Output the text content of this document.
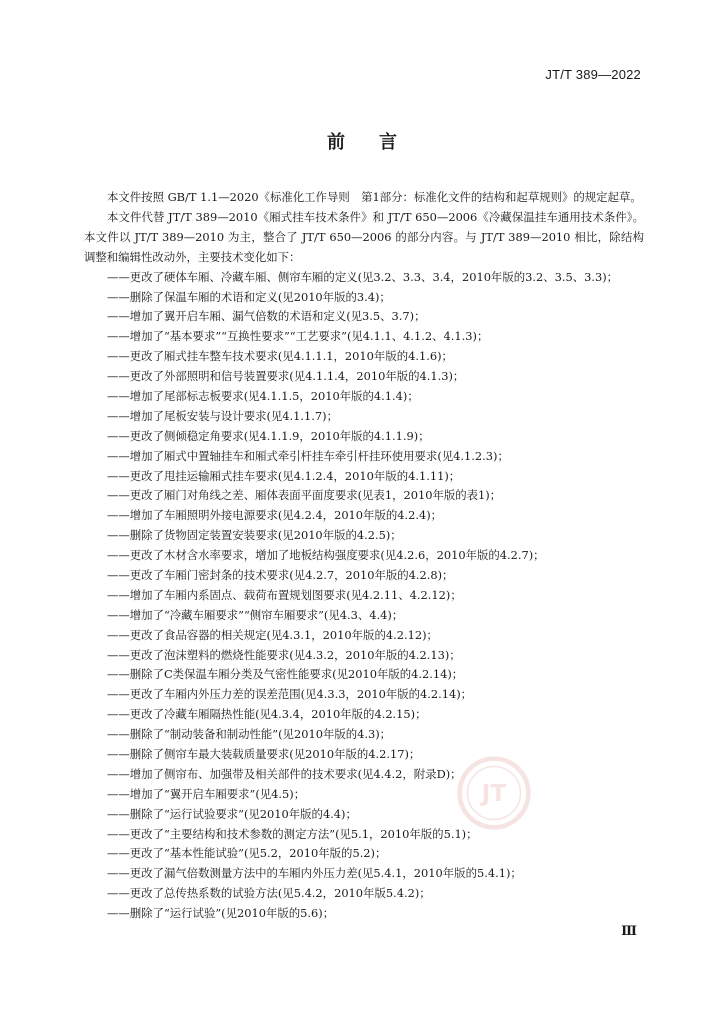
JT/T 389—2022
前言

本文件按照 GB/T 1.1—2020《标准化工作导则　第1部分：标准化文件的结构和起草规则》的规定起草。

本文件代替 JT/T 389—2010《厢式挂车技术条件》和 JT/T 650—2006《冷藏保温挂车通用技术条件》。本文件以 JT/T 389—2010 为主，整合了 JT/T 650—2006 的部分内容。与 JT/T 389—2010 相比，除结构调整和编辑性改动外，主要技术变化如下：

——更改了硬体车厢、冷藏车厢、侧帘车厢的定义(见3.2、3.3、3.4，2010年版的3.2、3.5、3.3)；
——删除了保温车厢的术语和定义(见2010年版的3.4)；
——增加了翼开启车厢、漏气倍数的术语和定义(见3.5、3.7)；
——增加了“基本要求”“互换性要求”“工艺要求”(见4.1.1、4.1.2、4.1.3)；
——更改了厢式挂车整车技术要求(见4.1.1.1，2010年版的4.1.6)；
——更改了外部照明和信号装置要求(见4.1.1.4，2010年版的4.1.3)；
——增加了尾部标志板要求(见4.1.1.5，2010年版的4.1.4)；
——增加了尾板安装与设计要求(见4.1.1.7)；
——更改了侧倾稳定角要求(见4.1.1.9，2010年版的4.1.1.9)；
——增加了厢式中置轴挂车和厢式牵引杆挂车牵引杆挂环使用要求(见4.1.2.3)；
——更改了甩挂运输厢式挂车要求(见4.1.2.4，2010年版的4.1.11)；
——更改了厢门对角线之差、厢体表面平面度要求(见表1，2010年版的表1)；
——增加了车厢照明外接电源要求(见4.2.4，2010年版的4.2.4)；
——删除了货物固定装置安装要求(见2010年版的4.2.5)；
——更改了木材含水率要求，增加了地板结构强度要求(见4.2.6，2010年版的4.2.7)；
——更改了车厢门密封条的技术要求(见4.2.7，2010年版的4.2.8)；
——增加了车厢内系固点、载荷布置规划图要求(见4.2.11、4.2.12)；
——增加了“冷藏车厢要求”“侧帘车厢要求”(见4.3、4.4)；
——更改了食品容器的相关规定(见4.3.1，2010年版的4.2.12)；
——更改了泡沫塑料的燃烧性能要求(见4.3.2，2010年版的4.2.13)；
——删除了C类保温车厢分类及气密性能要求(见2010年版的4.2.14)；
——更改了车厢内外压力差的误差范围(见4.3.3，2010年版的4.2.14)；
——更改了冷藏车厢隔热性能(见4.3.4，2010年版的4.2.15)；
——删除了“制动装备和制动性能”(见2010年版的4.3)；
——删除了侧帘车最大装载质量要求(见2010年版的4.2.17)；
——增加了侧帘布、加强带及相关部件的技术要求(见4.4.2，附录D)；
——增加了“翼开启车厢要求”(见4.5)；
——删除了“运行试验要求”(见2010年版的4.4)；
——更改了“主要结构和技术参数的测定方法”(见5.1，2010年版的5.1)；
——更改了“基本性能试验”(见5.2，2010年版的5.2)；
——更改了漏气倍数测量方法中的车厢内外压力差(见5.4.1，2010年版的5.4.1)；
——更改了总传热系数的试验方法(见5.4.2，2010年版5.4.2)；
——删除了“运行试验”(见2010年版的5.6)；
JT
Ⅲ
